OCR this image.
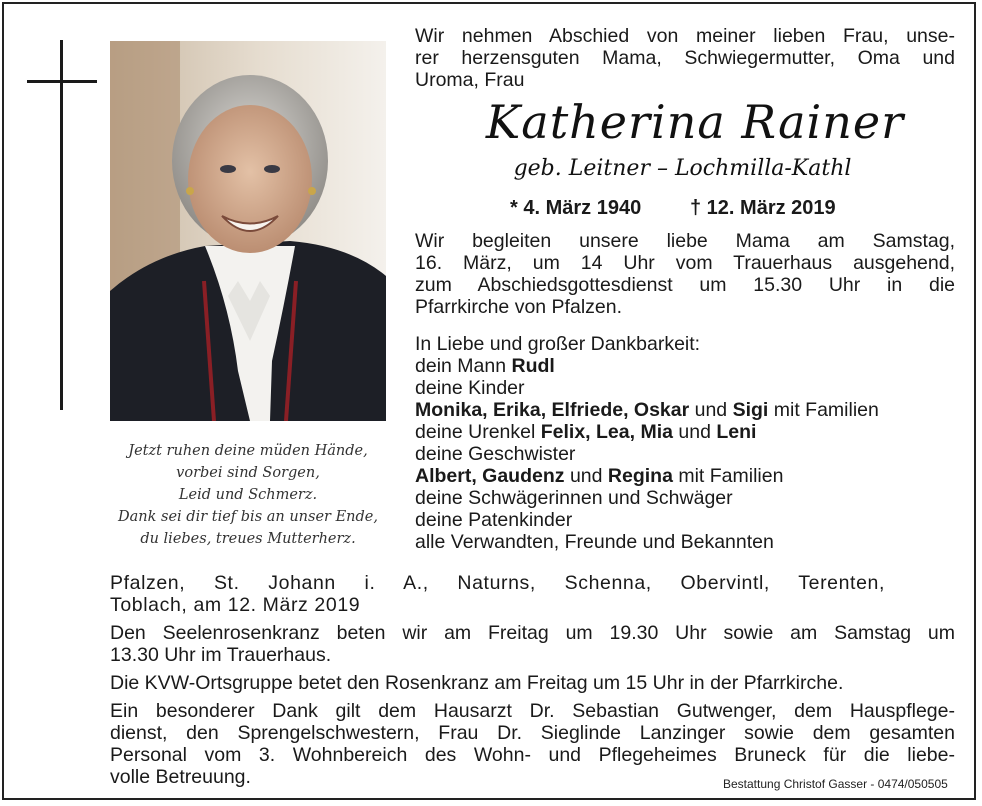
Jetzt ruhen deine müden Hände,
vorbei sind Sorgen,
Leid und Schmerz.
Dank sei dir tief bis an unser Ende,
du liebes, treues Mutterherz.
Wir nehmen Abschied von meiner lieben Frau, unse-
rer herzensguten Mama, Schwiegermutter, Oma und
Uroma, Frau
Katherina Rainer
geb. Leitner – Lochmilla-Kathl
* 4. März 1940 † 12. März 2019
Wir begleiten unsere liebe Mama am Samstag,
16. März, um 14 Uhr vom Trauerhaus ausgehend,
zum Abschiedsgottesdienst um 15.30 Uhr in die
Pfarrkirche von Pfalzen.
In Liebe und großer Dankbarkeit:
dein Mann Rudl
deine Kinder
Monika, Erika, Elfriede, Oskar und Sigi mit Familien
deine Urenkel Felix, Lea, Mia und Leni
deine Geschwister
Albert, Gaudenz und Regina mit Familien
deine Schwägerinnen und Schwäger
deine Patenkinder
alle Verwandten, Freunde und Bekannten
Pfalzen, St. Johann i. A., Naturns, Schenna, Obervintl, Terenten,
Toblach, am 12. März 2019
Den Seelenrosenkranz beten wir am Freitag um 19.30 Uhr sowie am Samstag um
13.30 Uhr im Trauerhaus.
Die KVW-Ortsgruppe betet den Rosenkranz am Freitag um 15 Uhr in der Pfarrkirche.
Ein besonderer Dank gilt dem Hausarzt Dr. Sebastian Gutwenger, dem Hauspflege-
dienst, den Sprengelschwestern, Frau Dr. Sieglinde Lanzinger sowie dem gesamten
Personal vom 3. Wohnbereich des Wohn- und Pflegeheimes Bruneck für die liebe-
volle Betreuung.	Bestattung Christof Gasser - 0474/050505
